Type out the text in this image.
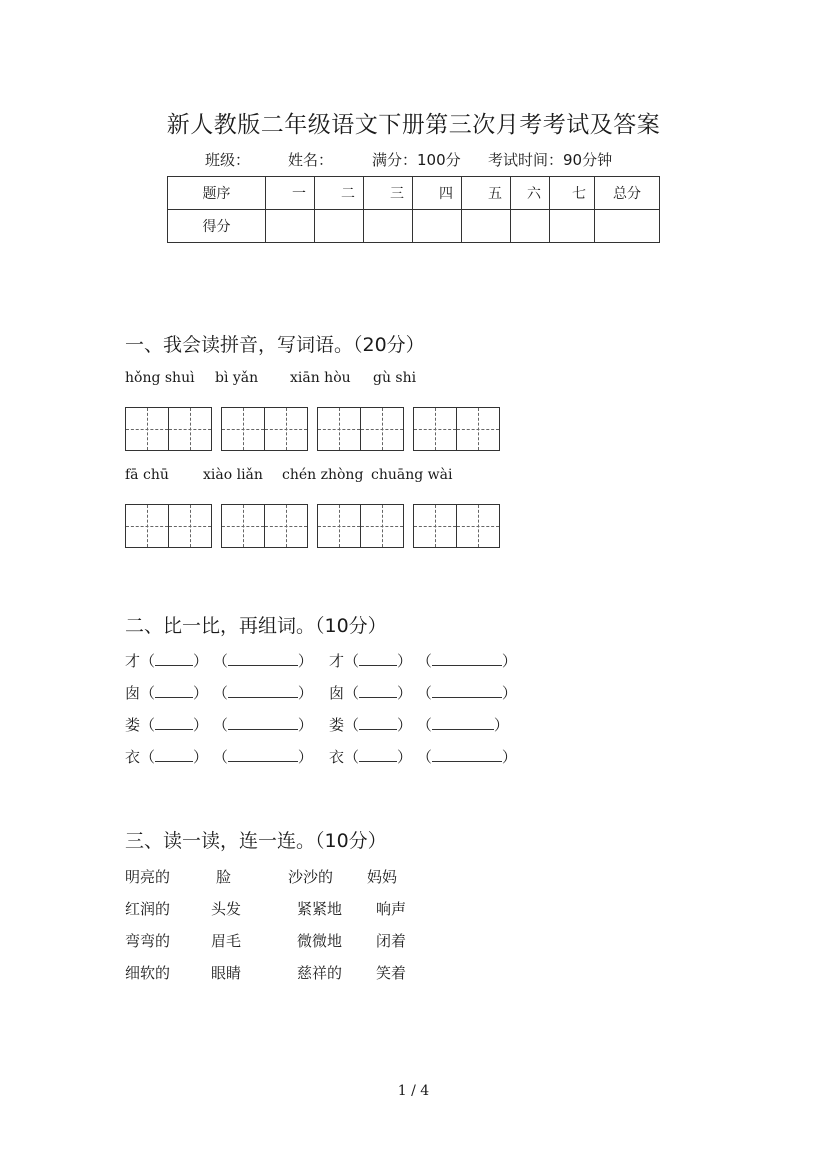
新人教版二年级语文下册第三次月考考试及答案
班级：	姓名：	满分：100分 考试时间：90分钟
题序	一	二	三	四	五	六	七	总分
得分								
一、我会读拼音，写词语。（20分）
hǒng shuì bì yǎn xiān hòu gù shi
fā chū xiào liǎn chén zhòng chuāng wài
二、比一比，再组词。（10分）
才（	） （	） 才（	） （	）
囱（	） （	） 囱（	） （	）
娄（	） （	） 娄（	） （	）
衣（	） （	） 衣（	） （	）
三、读一读，连一连。（10分）
明亮的	脸	沙沙的 妈妈
红润的	头发	紧紧地 响声
弯弯的	眉毛	微微地 闭着
细软的	眼睛	慈祥的 笑着
1 / 4
